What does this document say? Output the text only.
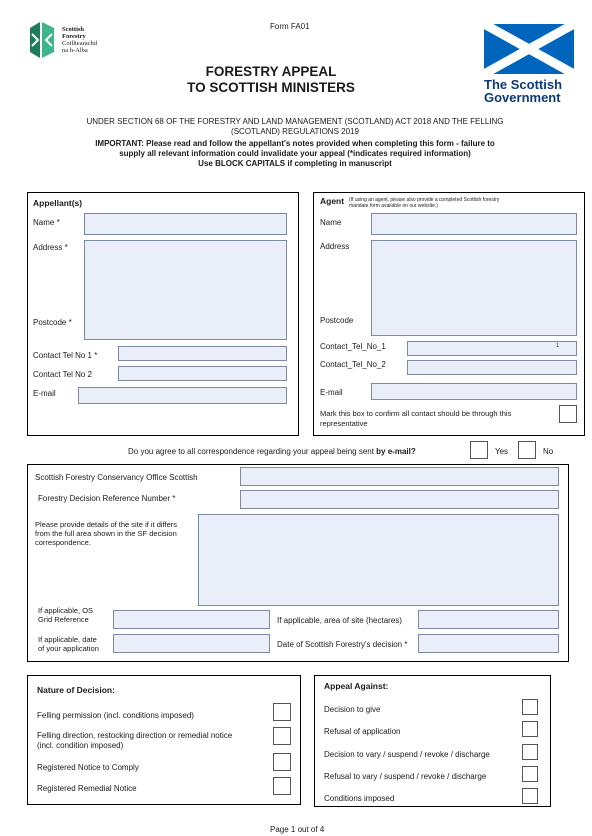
Form FA01
Scottish
Forestry
Coilltearachd
na h-Alba
FORESTRY APPEAL
TO SCOTTISH MINISTERS	The Scottish
Government
UNDER SECTION 68 OF THE FORESTRY AND LAND MANAGEMENT (SCOTLAND) ACT 2018 AND THE FELLING
(SCOTLAND) REGULATIONS 2019
IMPORTANT: Please read and follow the appellant's notes provided when completing this form - failure to
supply all relevant information could invalidate your appeal (*indicates required information)
Use BLOCK CAPITALS if completing in manuscript
Appellant(s)
Name *
Address *
Postcode *
Contact Tel No 1 *
Contact Tel No 2
E-mail
Agent (If using an agent, please also provide a completed Scottish forestry
mandate form available on our website.)
Name
Address
Postcode
Contact_Tel_No_1	1
Contact_Tel_No_2
E-mail
Mark this box to confirm all contact should be through this
representative
Do you agree to all correspondence regarding your appeal being sent by e-mail?	Yes	No
Scottish Forestry Conservancy Office Scottish
Forestry Decision Reference Number *
Please provide details of the site if it differs
from the full area shown in the SF decision
correspondence.
If applicable, OS
Grid Reference	If applicable, area of site (hectares)
If applicable, date
of your application	Date of Scottish Forestry's decision *
Nature of Decision:
Felling permission (incl. conditions imposed)
Felling direction, restocking direction or remedial notice
(incl. condition imposed)
Registered Notice to Comply
Registered Remedial Notice
Appeal Against:
Decision to give
Refusal of application
Decision to vary / suspend / revoke / discharge
Refusal to vary / suspend / revoke / discharge
Conditions imposed
Page 1 out of 4
